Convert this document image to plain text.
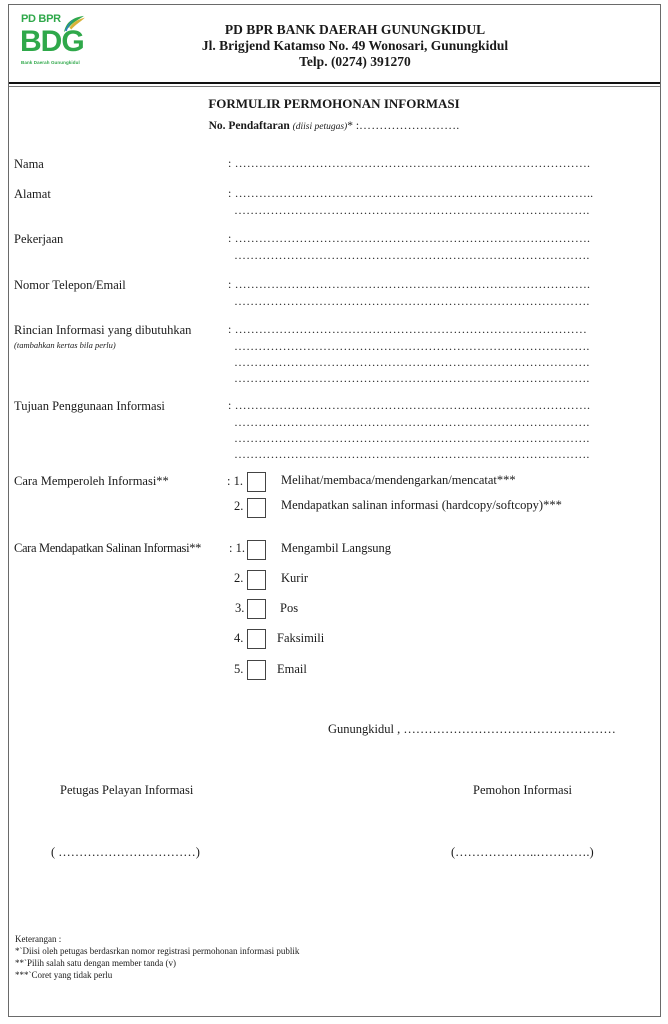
PD BPR
BDG
Bank Daerah Gunungkidul
PD BPR BANK DAERAH GUNUNGKIDUL
Jl. Brigjend Katamso No. 49 Wonosari, Gunungkidul
Telp. (0274) 391270
FORMULIR PERMOHONAN INFORMASI
No. Pendaftaran (diisi petugas)* :…………………….
Nama	: …………………………………………………………………………….
Alamat	: ……………………………………………………………………………..
…………………………………………………………………………….
Pekerjaan	: …………………………………………………………………………….
…………………………………………………………………………….
Nomor Telepon/Email	: …………………………………………………………………………….
…………………………………………………………………………….
Rincian Informasi yang dibutuhkan
(tambahkan kertas bila perlu)
: ……………………………………………………………………………
…………………………………………………………………………….
…………………………………………………………………………….
…………………………………………………………………………….
Tujuan Penggunaan Informasi	: …………………………………………………………………………….
…………………………………………………………………………….
…………………………………………………………………………….
…………………………………………………………………………….
Cara Memperoleh Informasi**	: 1.	Melihat/membaca/mendengarkan/mencatat***
2.	Mendapatkan salinan informasi (hardcopy/softcopy)***
Cara Mendapatkan Salinan Informasi** : 1.	Mengambil Langsung
2.	Kurir
3.	Pos
4.	Faksimili
5.	Email
Gunungkidul , ……………………………………………
Petugas Pelayan Informasi	Pemohon Informasi
( ……………………………)	(………………..………….)
Keterangan :
*`Diisi oleh petugas berdasrkan nomor registrasi permohonan informasi publik
**`Pilih salah satu dengan member tanda (v)
***`Coret yang tidak perlu
